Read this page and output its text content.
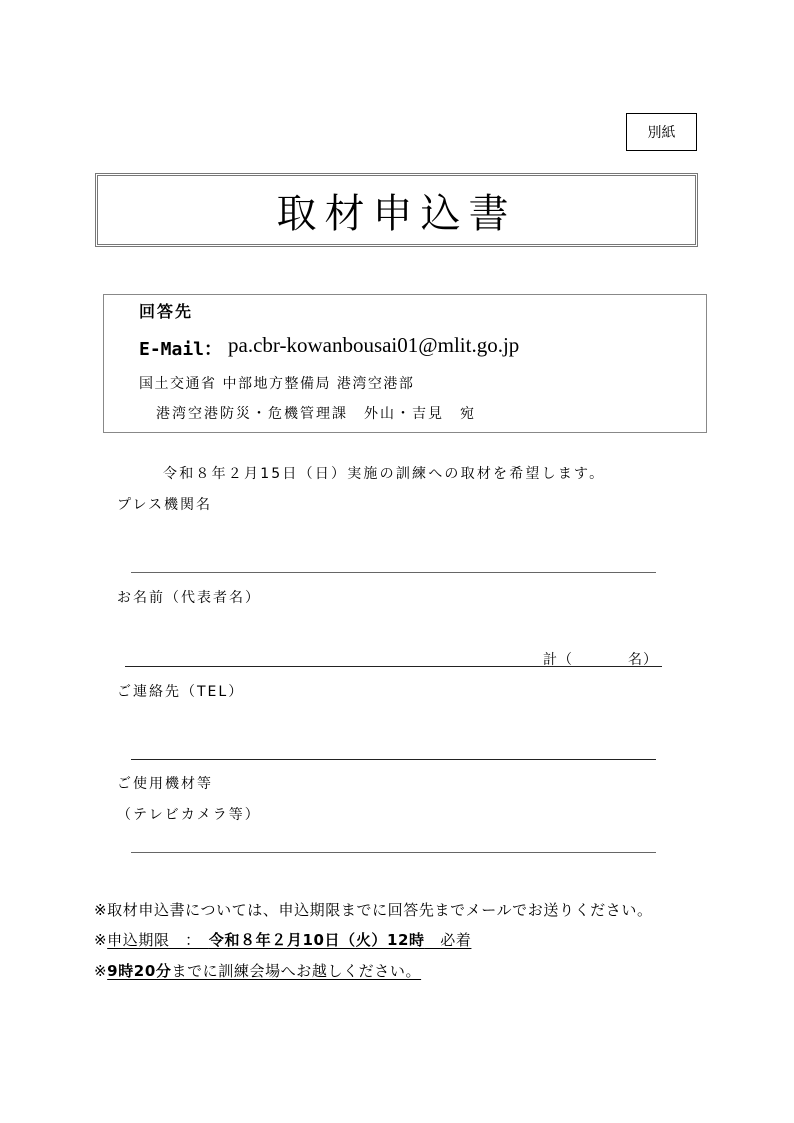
別紙
取材申込書
回答先
E-Mail： pa.cbr-kowanbousai01@mlit.go.jp
国土交通省 中部地方整備局 港湾空港部
港湾空港防災・危機管理課　外山・吉見　宛
令和８年２月15日（日）実施の訓練への取材を希望します。
プレス機関名
お名前（代表者名）
計（	名）
ご連絡先（TEL）
ご使用機材等
（テレビカメラ等）
※取材申込書については、申込期限までに回答先までメールでお送りください。
※申込期限　：　令和８年２月10日（火）12時　必着
※9時20分までに訓練会場へお越しください。
